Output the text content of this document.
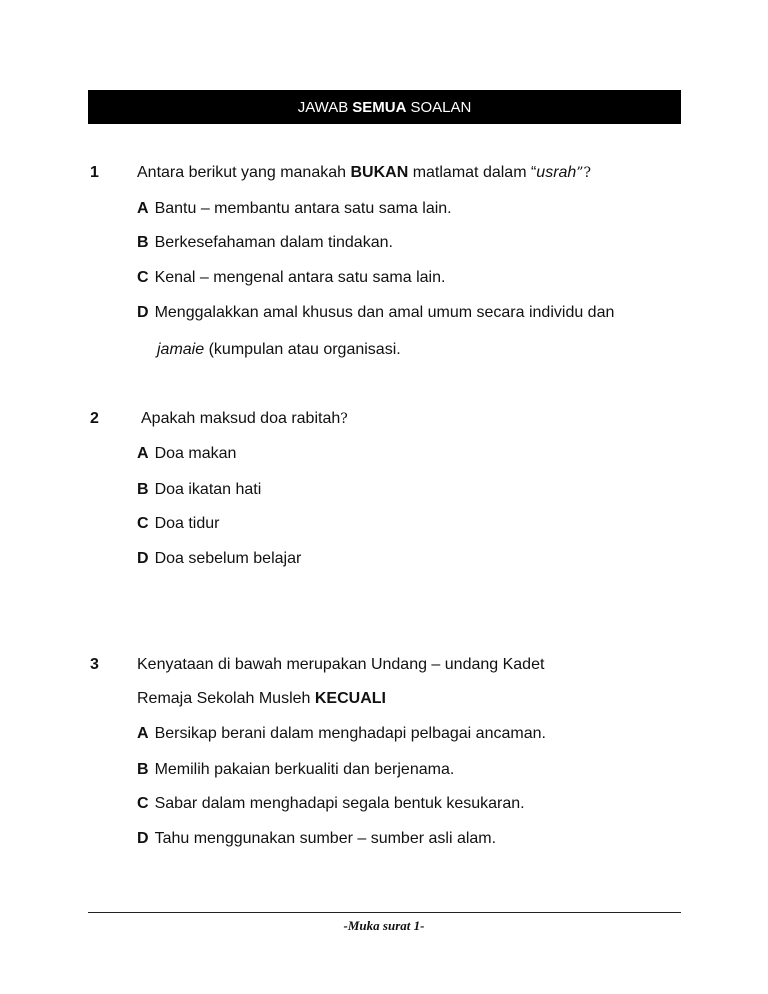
JAWAB SEMUA SOALAN
1 Antara berikut yang manakah BUKAN matlamat dalam “usrah”?
A Bantu – membantu antara satu sama lain.
B Berkesefahaman dalam tindakan.
C Kenal – mengenal antara satu sama lain.
D Menggalakkan amal khusus dan amal umum secara individu dan
jamaie (kumpulan atau organisasi.
2	Apakah maksud doa rabitah?
A Doa makan
B Doa ikatan hati
C Doa tidur
D Doa sebelum belajar
3 Kenyataan di bawah merupakan Undang – undang Kadet
Remaja Sekolah Musleh KECUALI
A Bersikap berani dalam menghadapi pelbagai ancaman.
B Memilih pakaian berkualiti dan berjenama.
C Sabar dalam menghadapi segala bentuk kesukaran.
D Tahu menggunakan sumber – sumber asli alam.
-Muka surat 1-
